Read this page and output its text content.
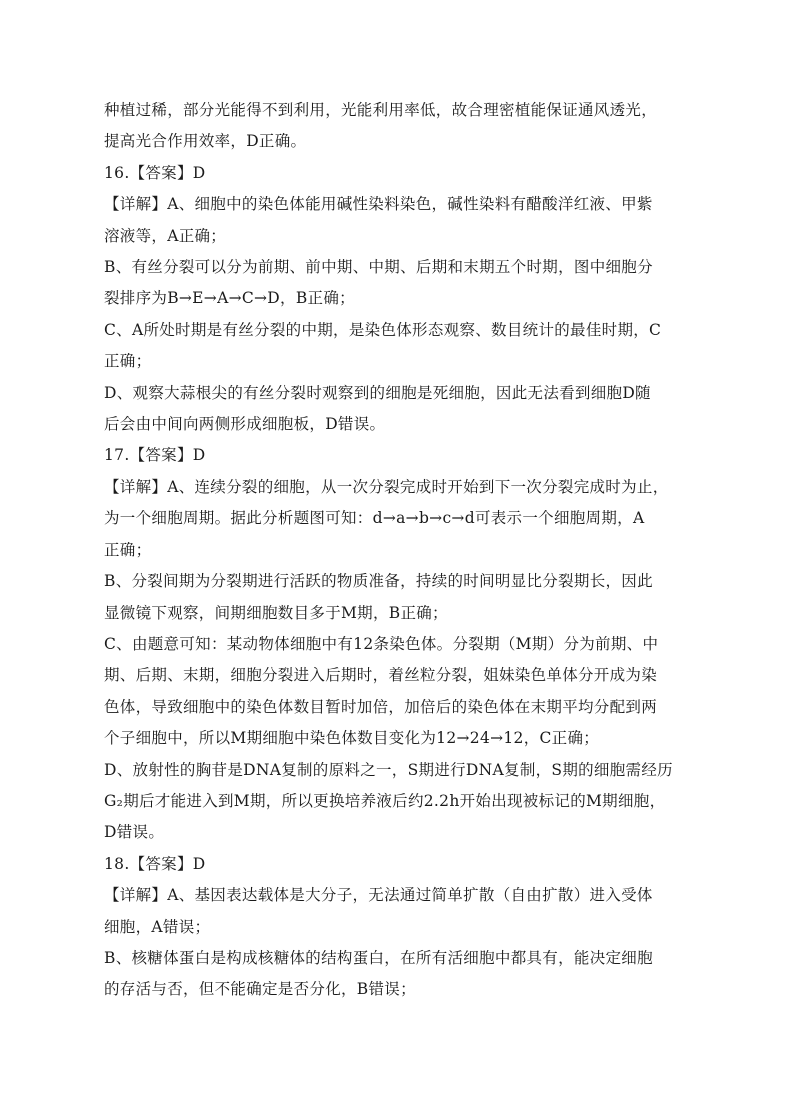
种植过稀，部分光能得不到利用，光能利用率低，故合理密植能保证通风透光，
提高光合作用效率，D正确。
16.【答案】D
【详解】A、细胞中的染色体能用碱性染料染色，碱性染料有醋酸洋红液、甲紫
溶液等，A正确；
B、有丝分裂可以分为前期、前中期、中期、后期和末期五个时期，图中细胞分
裂排序为B→E→A→C→D，B正确；
C、A所处时期是有丝分裂的中期，是染色体形态观察、数目统计的最佳时期，C
正确；
D、观察大蒜根尖的有丝分裂时观察到的细胞是死细胞，因此无法看到细胞D随
后会由中间向两侧形成细胞板，D错误。
17.【答案】D
【详解】A、连续分裂的细胞，从一次分裂完成时开始到下一次分裂完成时为止，
为一个细胞周期。据此分析题图可知：d→a→b→c→d可表示一个细胞周期，A
正确；
B、分裂间期为分裂期进行活跃的物质准备，持续的时间明显比分裂期长，因此
显微镜下观察，间期细胞数目多于M期，B正确；
C、由题意可知：某动物体细胞中有12条染色体。分裂期（M期）分为前期、中
期、后期、末期，细胞分裂进入后期时，着丝粒分裂，姐妹染色单体分开成为染
色体，导致细胞中的染色体数目暂时加倍，加倍后的染色体在末期平均分配到两
个子细胞中，所以M期细胞中染色体数目变化为12→24→12，C正确；
D、放射性的胸苷是DNA复制的原料之一，S期进行DNA复制，S期的细胞需经历
G₂期后才能进入到M期，所以更换培养液后约2.2h开始出现被标记的M期细胞，
D错误。
18.【答案】D
【详解】A、基因表达载体是大分子，无法通过简单扩散（自由扩散）进入受体
细胞，A错误；
B、核糖体蛋白是构成核糖体的结构蛋白，在所有活细胞中都具有，能决定细胞
的存活与否，但不能确定是否分化，B错误；
